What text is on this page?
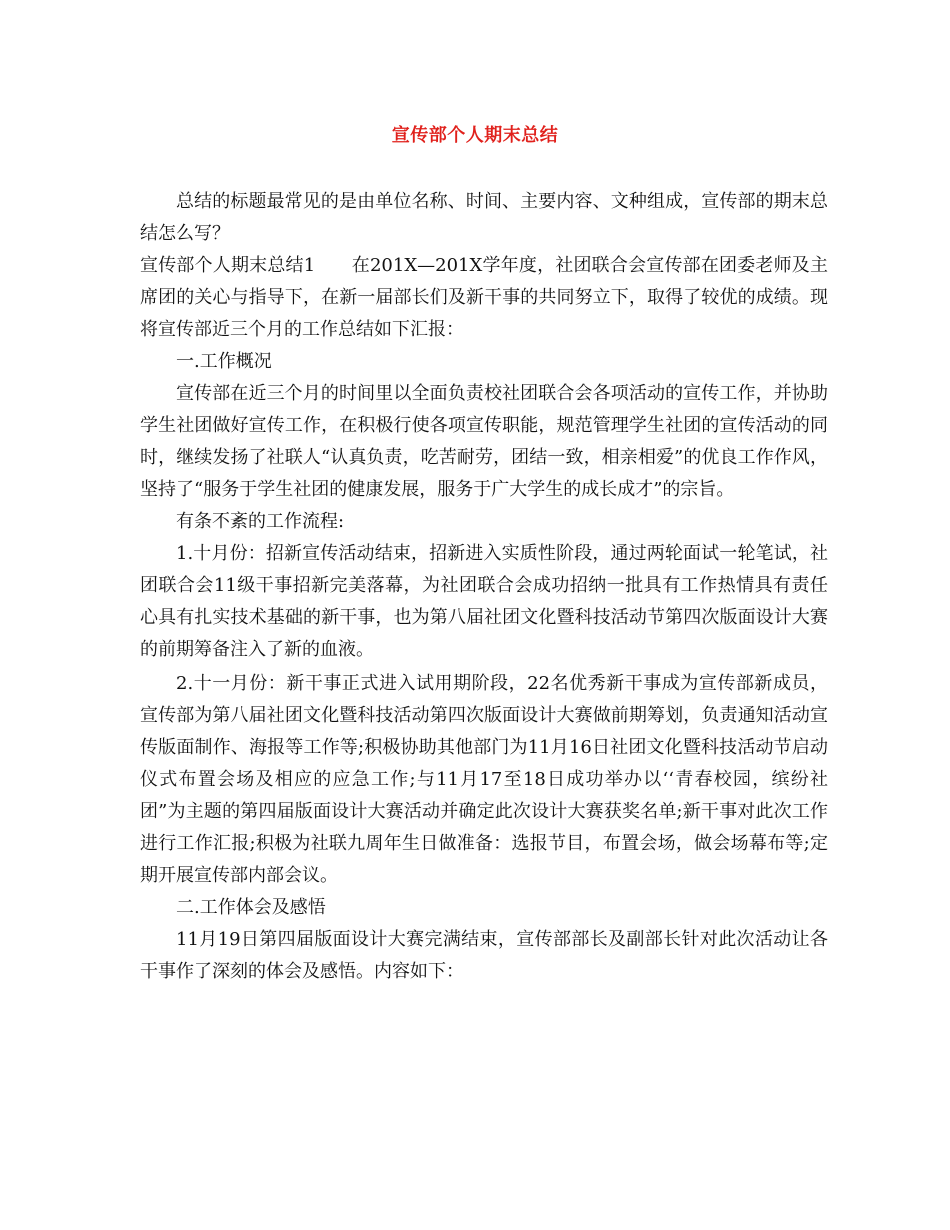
宣传部个人期末总结

总结的标题最常见的是由单位名称、时间、主要内容、文种组成，宣传部的期末总结怎么写？

宣传部个人期末总结1　　在201X—201X学年度，社团联合会宣传部在团委老师及主席团的关心与指导下，在新一届部长们及新干事的共同努立下，取得了较优的成绩。现将宣传部近三个月的工作总结如下汇报：

一.工作概况

宣传部在近三个月的时间里以全面负责校社团联合会各项活动的宣传工作，并协助学生社团做好宣传工作，在积极行使各项宣传职能，规范管理学生社团的宣传活动的同时，继续发扬了社联人“认真负责，吃苦耐劳，团结一致，相亲相爱”的优良工作作风，坚持了“服务于学生社团的健康发展，服务于广大学生的成长成才”的宗旨。

有条不紊的工作流程:

1.十月份：招新宣传活动结束，招新进入实质性阶段，通过两轮面试一轮笔试，社团联合会11级干事招新完美落幕，为社团联合会成功招纳一批具有工作热情具有责任心具有扎实技术基础的新干事，也为第八届社团文化暨科技活动节第四次版面设计大赛的前期筹备注入了新的血液。

2.十一月份：新干事正式进入试用期阶段，22名优秀新干事成为宣传部新成员，宣传部为第八届社团文化暨科技活动第四次版面设计大赛做前期筹划，负责通知活动宣传版面制作、海报等工作等;积极协助其他部门为11月16日社团文化暨科技活动节启动仪式布置会场及相应的应急工作;与11月17至18日成功举办以‘‘青春校园，缤纷社团”为主题的第四届版面设计大赛活动并确定此次设计大赛获奖名单;新干事对此次工作进行工作汇报;积极为社联九周年生日做准备：选报节目，布置会场，做会场幕布等;定期开展宣传部内部会议。

二.工作体会及感悟

11月19日第四届版面设计大赛完满结束，宣传部部长及副部长针对此次活动让各干事作了深刻的体会及感悟。内容如下：
